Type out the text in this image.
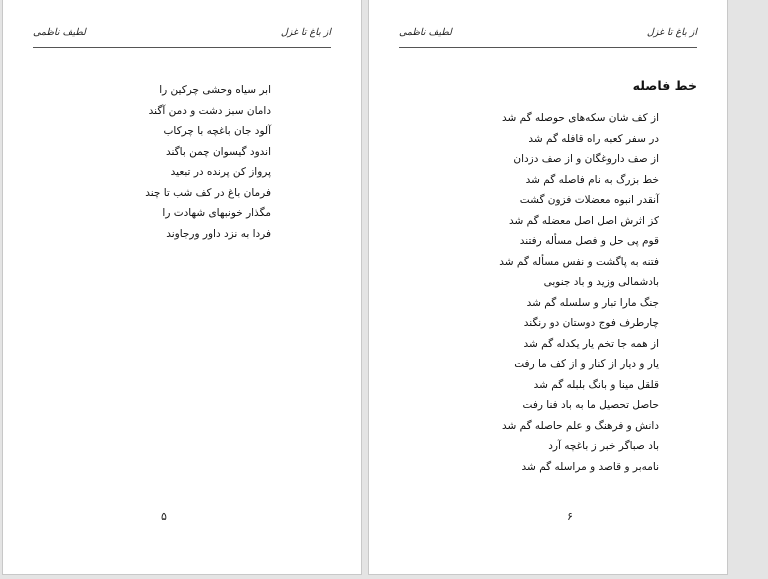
از باغ تا غزل
لطیف ناظمی
ابر سیاه وحشی چرکین را
دامان سبز دشت و دمن آگند
آلود جان باغچه با چرکاب
اندود گیسوان چمن باگند
پرواز کن پرنده در تبعید
فرمان باغ در کف شب تا چند
مگذار خونبهای شهادت را
فردا به نزد داور ورجاوند
۵
از باغ تا غزل
لطیف ناظمی
خط فاصله
از کف شان سکه‌های حوصله گم شد
در سفر کعبه راه قافله گم شد
از صف داروغگان و از صف دزدان
خط بزرگ به نام فاصله گم شد
آنقدر انبوه معضلات فزون گشت
کز اثرش اصل اصل معضله گم شد
قوم پی حل و فصل مسأله رفتند
فتنه به پاگشت و نفس مسأله گم شد
بادشمالی وزید و باد جنوبی
جنگ مارا تبار و سلسله گم شد
چارطرف فوج دوستان دو رنگند
از همه جا تخم یار یکدله گم شد
یار و دیار از کنار و از کف ما رفت
قلقل مینا و بانگ بلبله گم شد
حاصل تحصیل ما به باد فنا رفت
دانش و فرهنگ و علم حاصله گم شد
باد صباگر خبر ز باغچه آرد
نامه‌بر و قاصد و مراسله گم شد
۶
